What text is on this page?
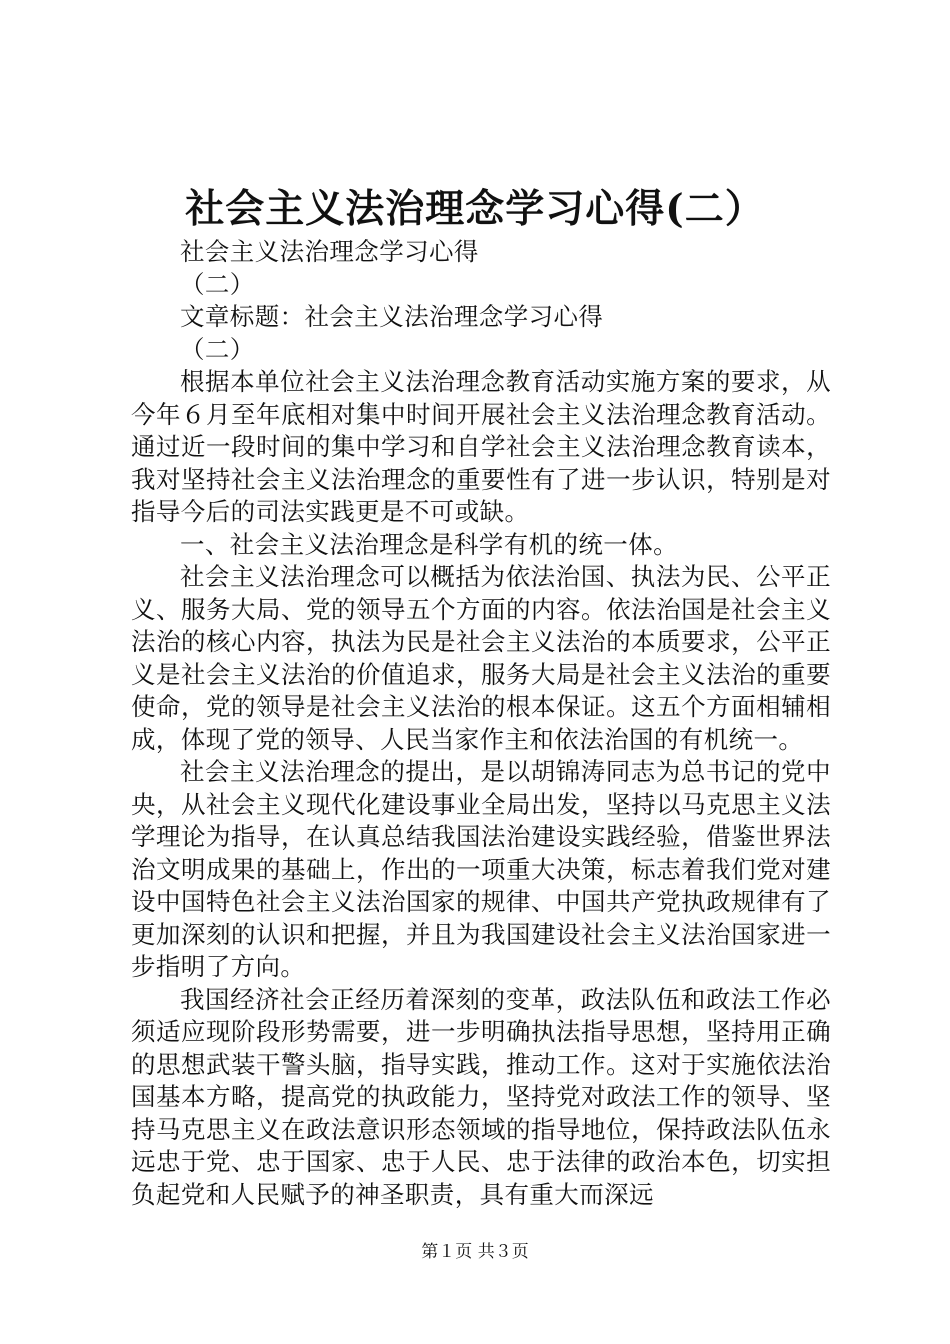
社会主义法治理念学习心得(二）
社会主义法治理念学习心得
（二）
文章标题：社会主义法治理念学习心得
（二）

根据本单位社会主义法治理念教育活动实施方案的要求，从今年６月至年底相对集中时间开展社会主义法治理念教育活动。通过近一段时间的集中学习和自学社会主义法治理念教育读本，我对坚持社会主义法治理念的重要性有了进一步认识，特别是对指导今后的司法实践更是不可或缺。

一、社会主义法治理念是科学有机的统一体。

社会主义法治理念可以概括为依法治国、执法为民、公平正义、服务大局、党的领导五个方面的内容。依法治国是社会主义法治的核心内容，执法为民是社会主义法治的本质要求，公平正义是社会主义法治的价值追求，服务大局是社会主义法治的重要使命，党的领导是社会主义法治的根本保证。这五个方面相辅相成，体现了党的领导、人民当家作主和依法治国的有机统一。

社会主义法治理念的提出，是以胡锦涛同志为总书记的党中央，从社会主义现代化建设事业全局出发，坚持以马克思主义法学理论为指导，在认真总结我国法治建设实践经验，借鉴世界法治文明成果的基础上，作出的一项重大决策，标志着我们党对建设中国特色社会主义法治国家的规律、中国共产党执政规律有了更加深刻的认识和把握，并且为我国建设社会主义法治国家进一步指明了方向。

我国经济社会正经历着深刻的变革，政法队伍和政法工作必须适应现阶段形势需要，进一步明确执法指导思想，坚持用正确的思想武装干警头脑，指导实践，推动工作。这对于实施依法治国基本方略，提高党的执政能力，坚持党对政法工作的领导、坚持马克思主义在政法意识形态领域的指导地位，保持政法队伍永远忠于党、忠于国家、忠于人民、忠于法律的政治本色，切实担负起党和人民赋予的神圣职责，具有重大而深远

第１页 共３页
